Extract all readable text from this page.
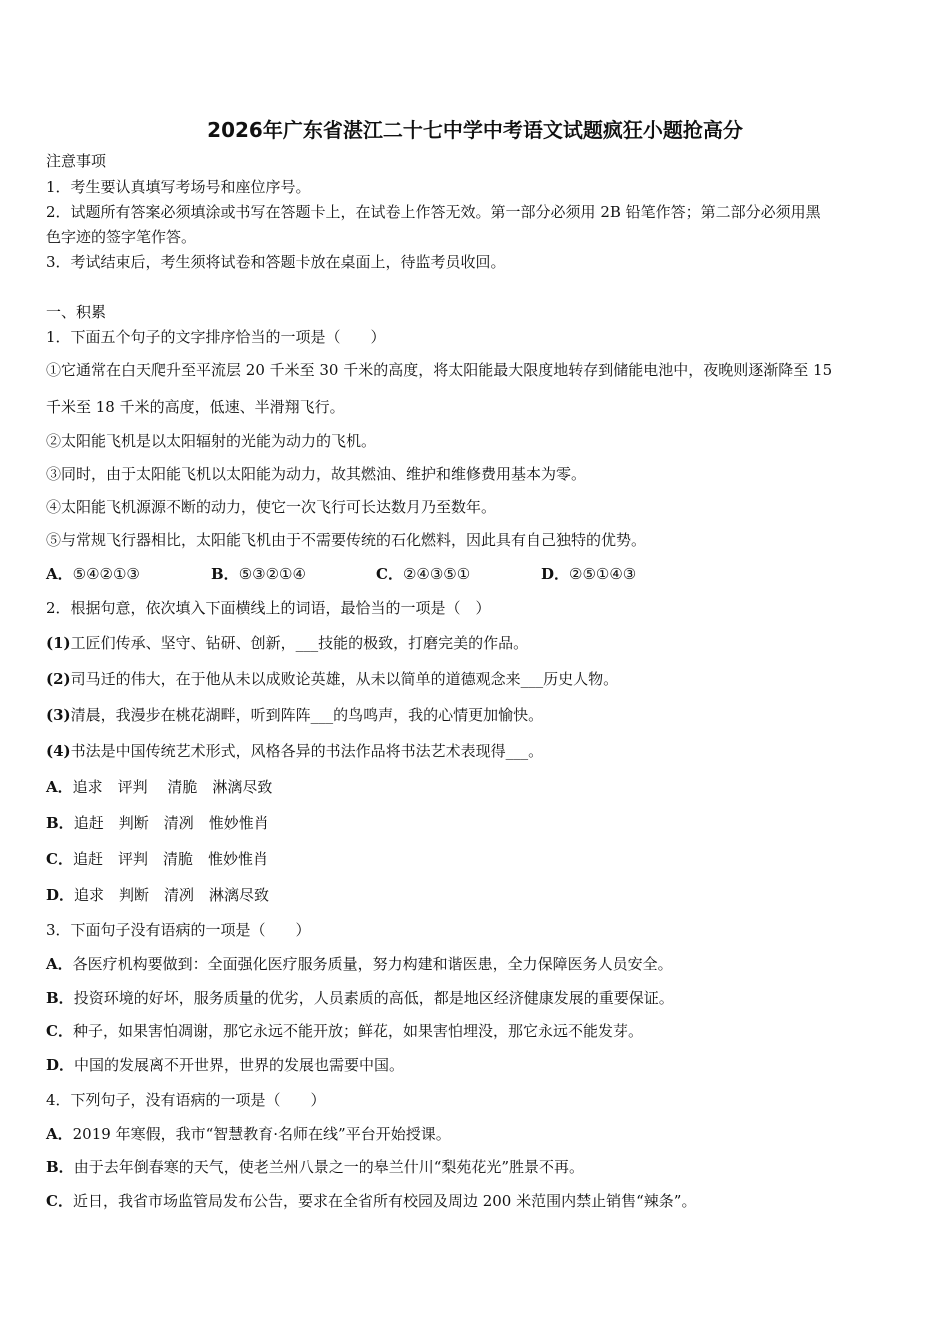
2026年广东省湛江二十七中学中考语文试题疯狂小题抢高分
注意事项
1．考生要认真填写考场号和座位序号。
2．试题所有答案必须填涂或书写在答题卡上，在试卷上作答无效。第一部分必须用 2B 铅笔作答；第二部分必须用黑
色字迹的签字笔作答。
3．考试结束后，考生须将试卷和答题卡放在桌面上，待监考员收回。
一、积累
1．下面五个句子的文字排序恰当的一项是（　　）
①它通常在白天爬升至平流层 20 千米至 30 千米的高度，将太阳能最大限度地转存到储能电池中，夜晚则逐渐降至 15
千米至 18 千米的高度，低速、半滑翔飞行。
②太阳能飞机是以太阳辐射的光能为动力的飞机。
③同时，由于太阳能飞机以太阳能为动力，故其燃油、维护和维修费用基本为零。
④太阳能飞机源源不断的动力，使它一次飞行可长达数月乃至数年。
⑤与常规飞行器相比，太阳能飞机由于不需要传统的石化燃料，因此具有自己独特的优势。
A．⑤④②①③	B．⑤③②①④	C．②④③⑤①	D．②⑤①④③
2．根据句意，依次填入下面横线上的词语，最恰当的一项是（　）
(1)工匠们传承、坚守、钻研、创新，___技能的极致，打磨完美的作品。
(2)司马迁的伟大，在于他从未以成败论英雄，从未以简单的道德观念来___历史人物。
(3)清晨，我漫步在桃花湖畔，听到阵阵___的鸟鸣声，我的心情更加愉快。
(4)书法是中国传统艺术形式，风格各异的书法作品将书法艺术表现得___。
A．追求　评判　 清脆　淋漓尽致
B．追赶　判断　清冽　惟妙惟肖
C．追赶　评判　清脆　惟妙惟肖
D．追求　判断　清冽　淋漓尽致
3．下面句子没有语病的一项是（　　）
A．各医疗机构要做到：全面强化医疗服务质量，努力构建和谐医患，全力保障医务人员安全。
B．投资环境的好坏，服务质量的优劣，人员素质的高低，都是地区经济健康发展的重要保证。
C．种子，如果害怕凋谢，那它永远不能开放；鲜花，如果害怕埋没，那它永远不能发芽。
D．中国的发展离不开世界，世界的发展也需要中国。
4．下列句子，没有语病的一项是（　　）
A．2019 年寒假，我市“智慧教育·名师在线”平台开始授课。
B．由于去年倒春寒的天气，使老兰州八景之一的皋兰什川“梨苑花光”胜景不再。
C．近日，我省市场监管局发布公告，要求在全省所有校园及周边 200 米范围内禁止销售“辣条”。
